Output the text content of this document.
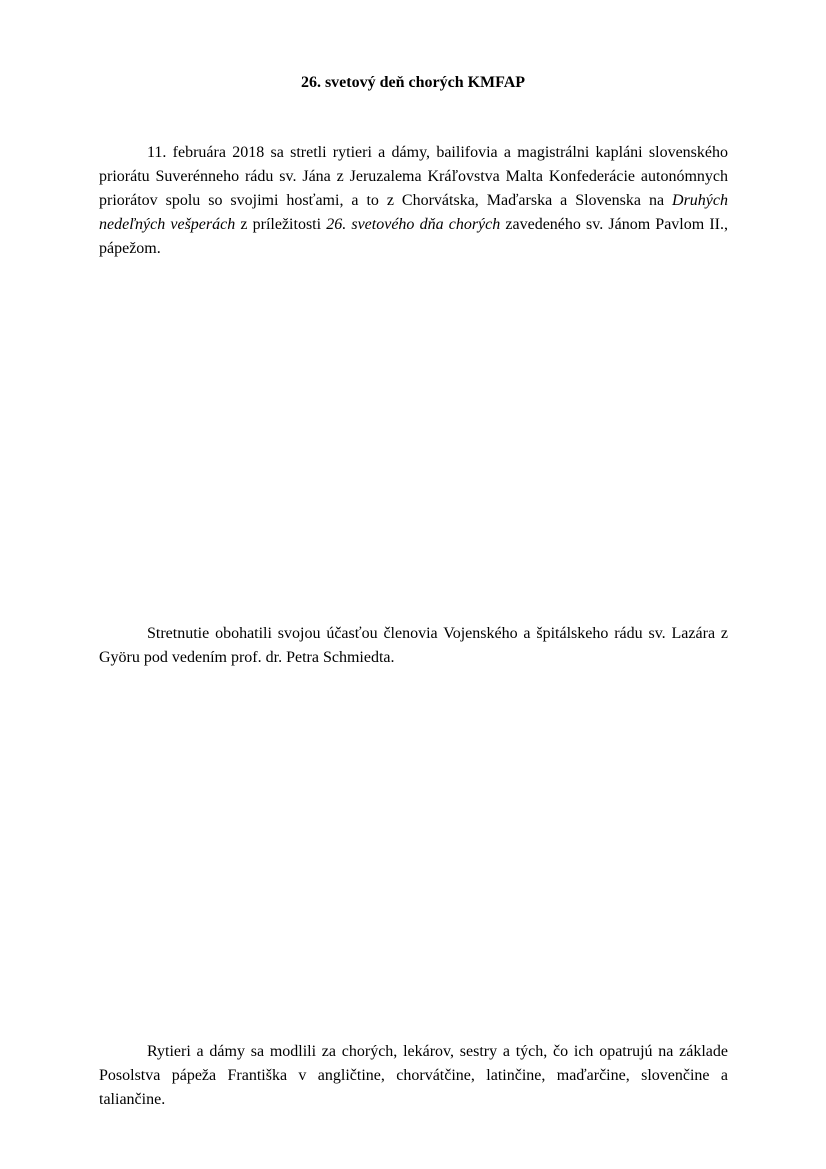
26. svetový deň chorých KMFAP

11. februára 2018 sa stretli rytieri a dámy, bailifovia a magistrálni kapláni slovenského priorátu Suverénneho rádu sv. Jána z Jeruzalema Kráľovstva Malta Konfederácie autonómnych priorátov spolu so svojimi hosťami, a to z Chorvátska, Maďarska a Slovenska na Druhých nedeľných vešperách z príležitosti 26. svetového dňa chorých zavedeného sv. Jánom Pavlom II., pápežom.

Stretnutie obohatili svojou účasťou členovia Vojenského a špitálskeho rádu sv. Lazára z Györu pod vedením prof. dr. Petra Schmiedta.

Rytieri a dámy sa modlili za chorých, lekárov, sestry a tých, čo ich opatrujú na základe Posolstva pápeža Františka v angličtine, chorvátčine, latinčine, maďarčine, slovenčine a taliančine.
